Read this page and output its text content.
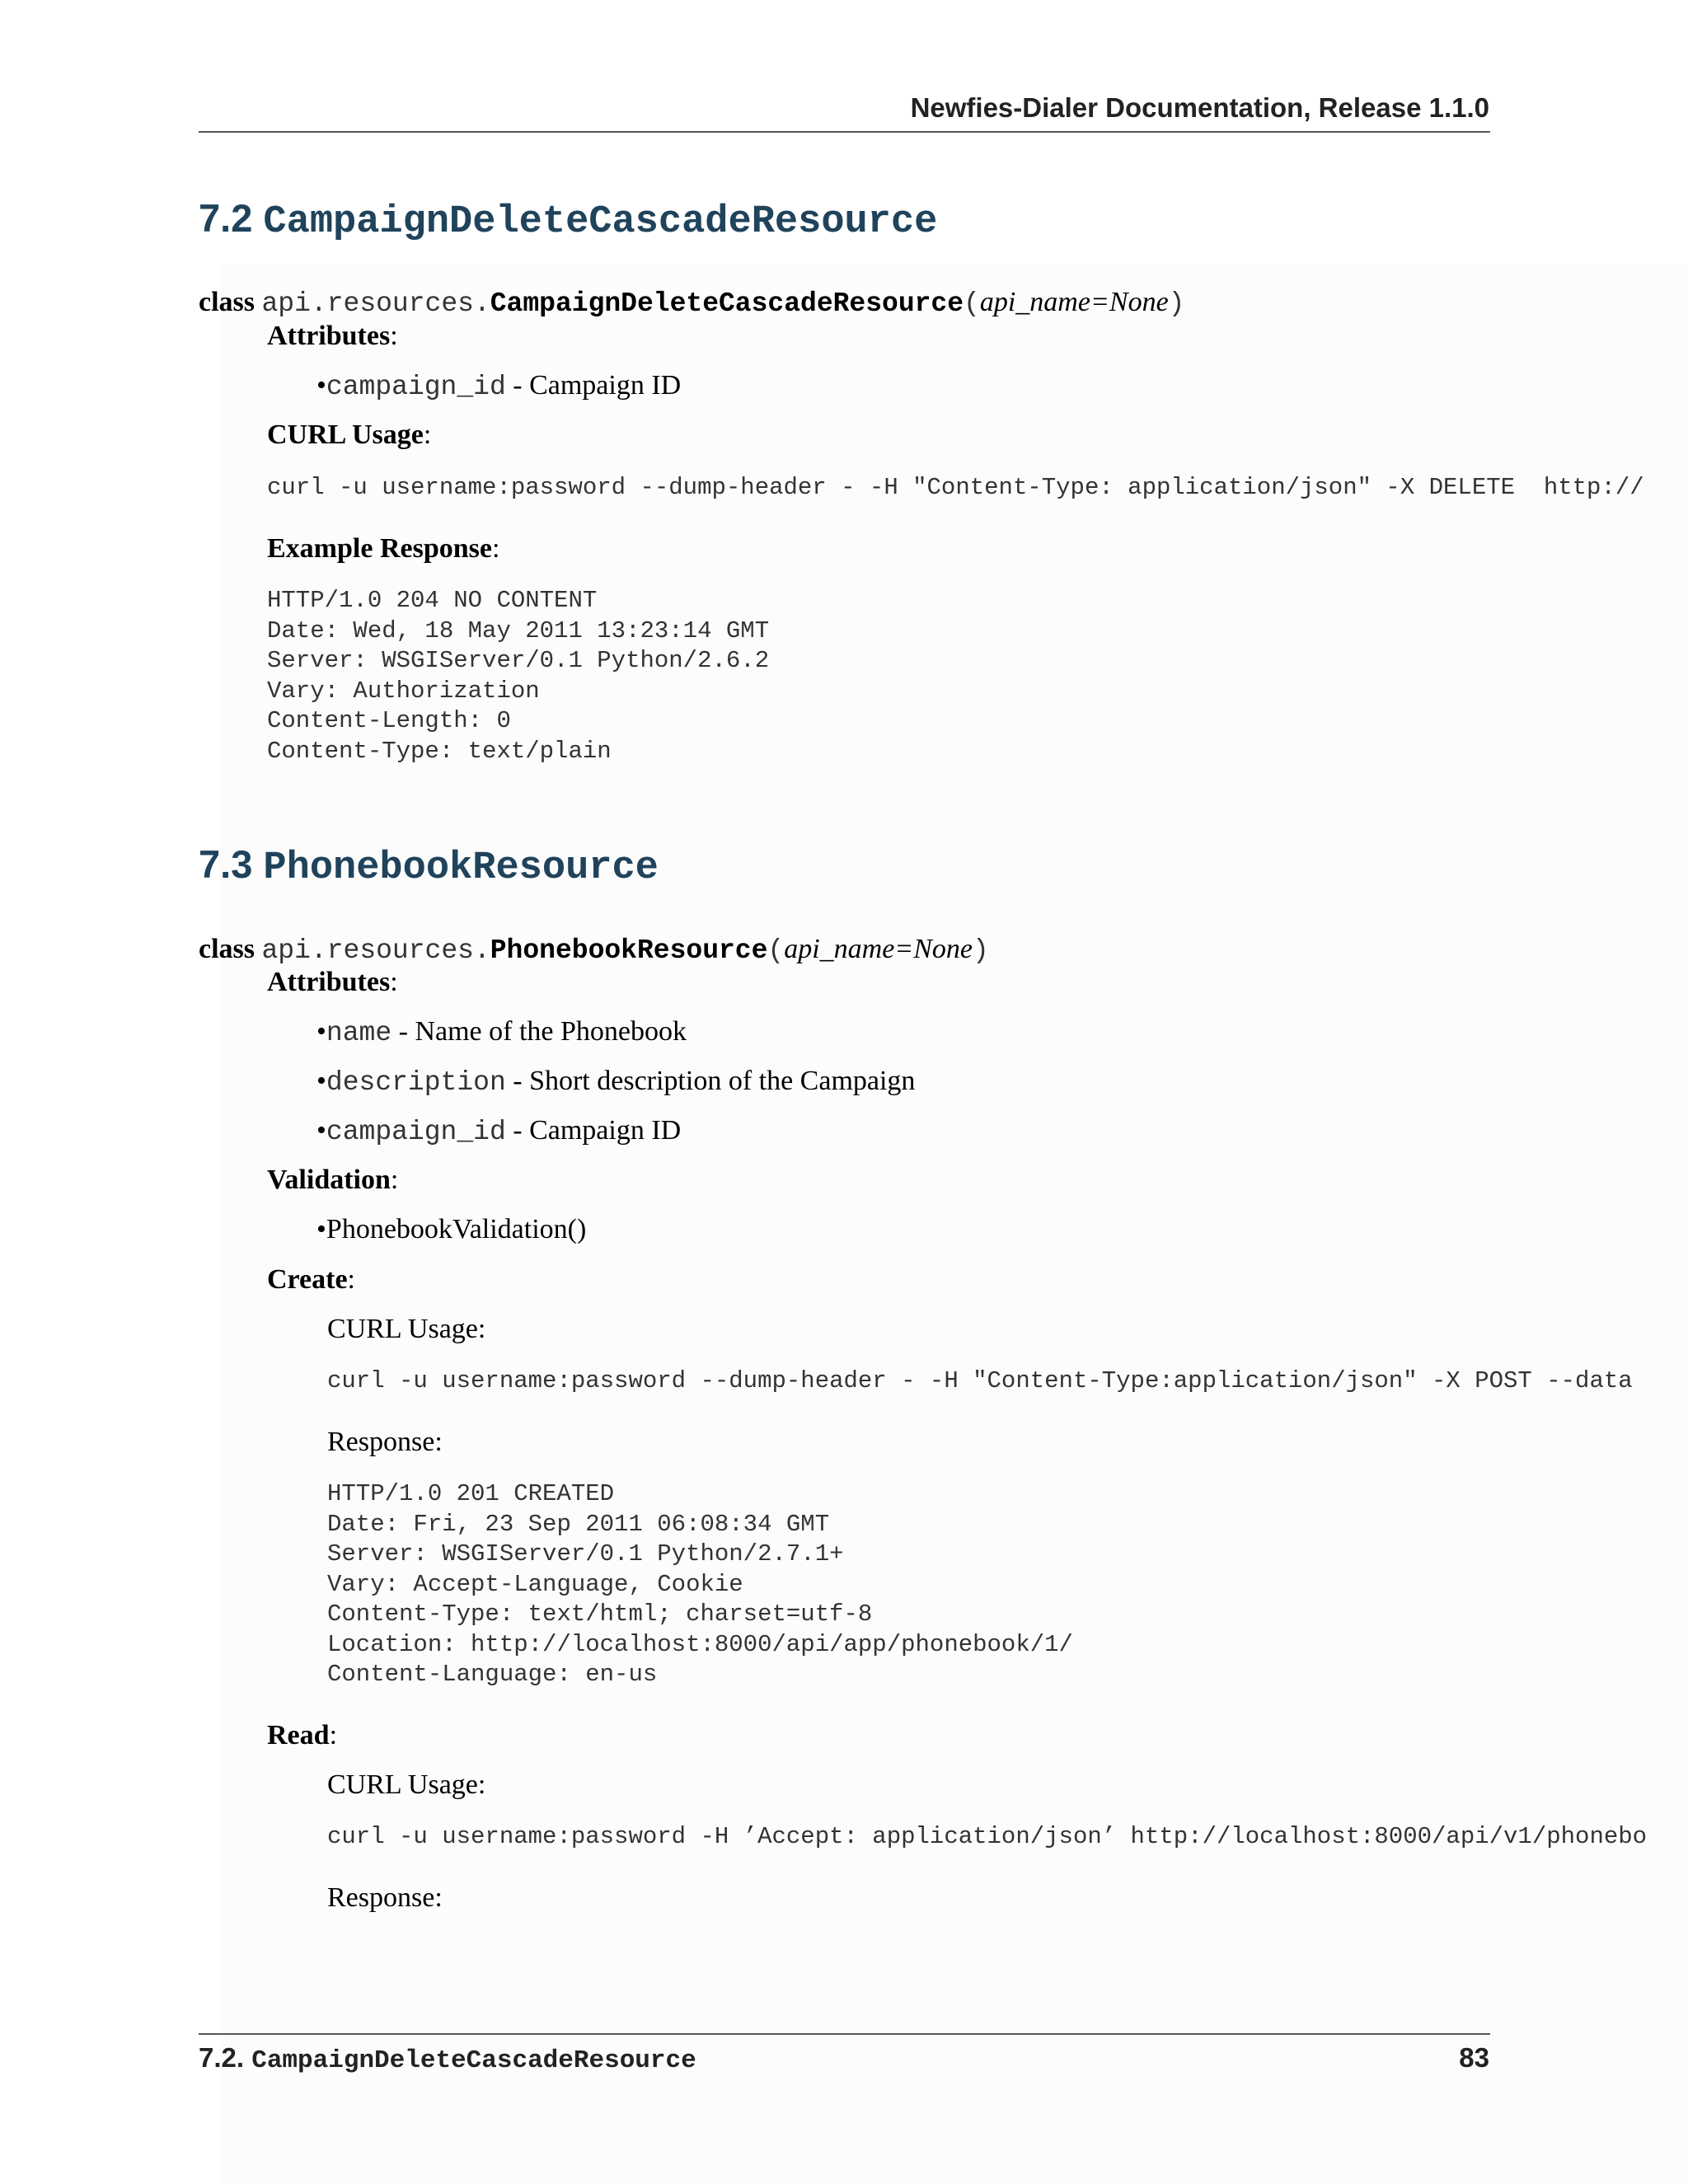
Newfies-Dialer Documentation, Release 1.1.0
7.2 CampaignDeleteCascadeResource
class api.resources.CampaignDeleteCascadeResource(api_name=None)
Attributes:
•campaign_id - Campaign ID
CURL Usage:
curl -u username:password --dump-header - -H "Content-Type: application/json" -X DELETE  http://
Example Response:
HTTP/1.0 204 NO CONTENT
Date: Wed, 18 May 2011 13:23:14 GMT
Server: WSGIServer/0.1 Python/2.6.2
Vary: Authorization
Content-Length: 0
Content-Type: text/plain
7.3 PhonebookResource
class api.resources.PhonebookResource(api_name=None)
Attributes:
•name - Name of the Phonebook
•description - Short description of the Campaign
•campaign_id - Campaign ID
Validation:
•PhonebookValidation()
Create:
CURL Usage:
curl -u username:password --dump-header - -H "Content-Type:application/json" -X POST --data
Response:
HTTP/1.0 201 CREATED
Date: Fri, 23 Sep 2011 06:08:34 GMT
Server: WSGIServer/0.1 Python/2.7.1+
Vary: Accept-Language, Cookie
Content-Type: text/html; charset=utf-8
Location: http://localhost:8000/api/app/phonebook/1/
Content-Language: en-us
Read:
CURL Usage:
curl -u username:password -H ’Accept: application/json’ http://localhost:8000/api/v1/phonebo
Response:
7.2. CampaignDeleteCascadeResource	83
